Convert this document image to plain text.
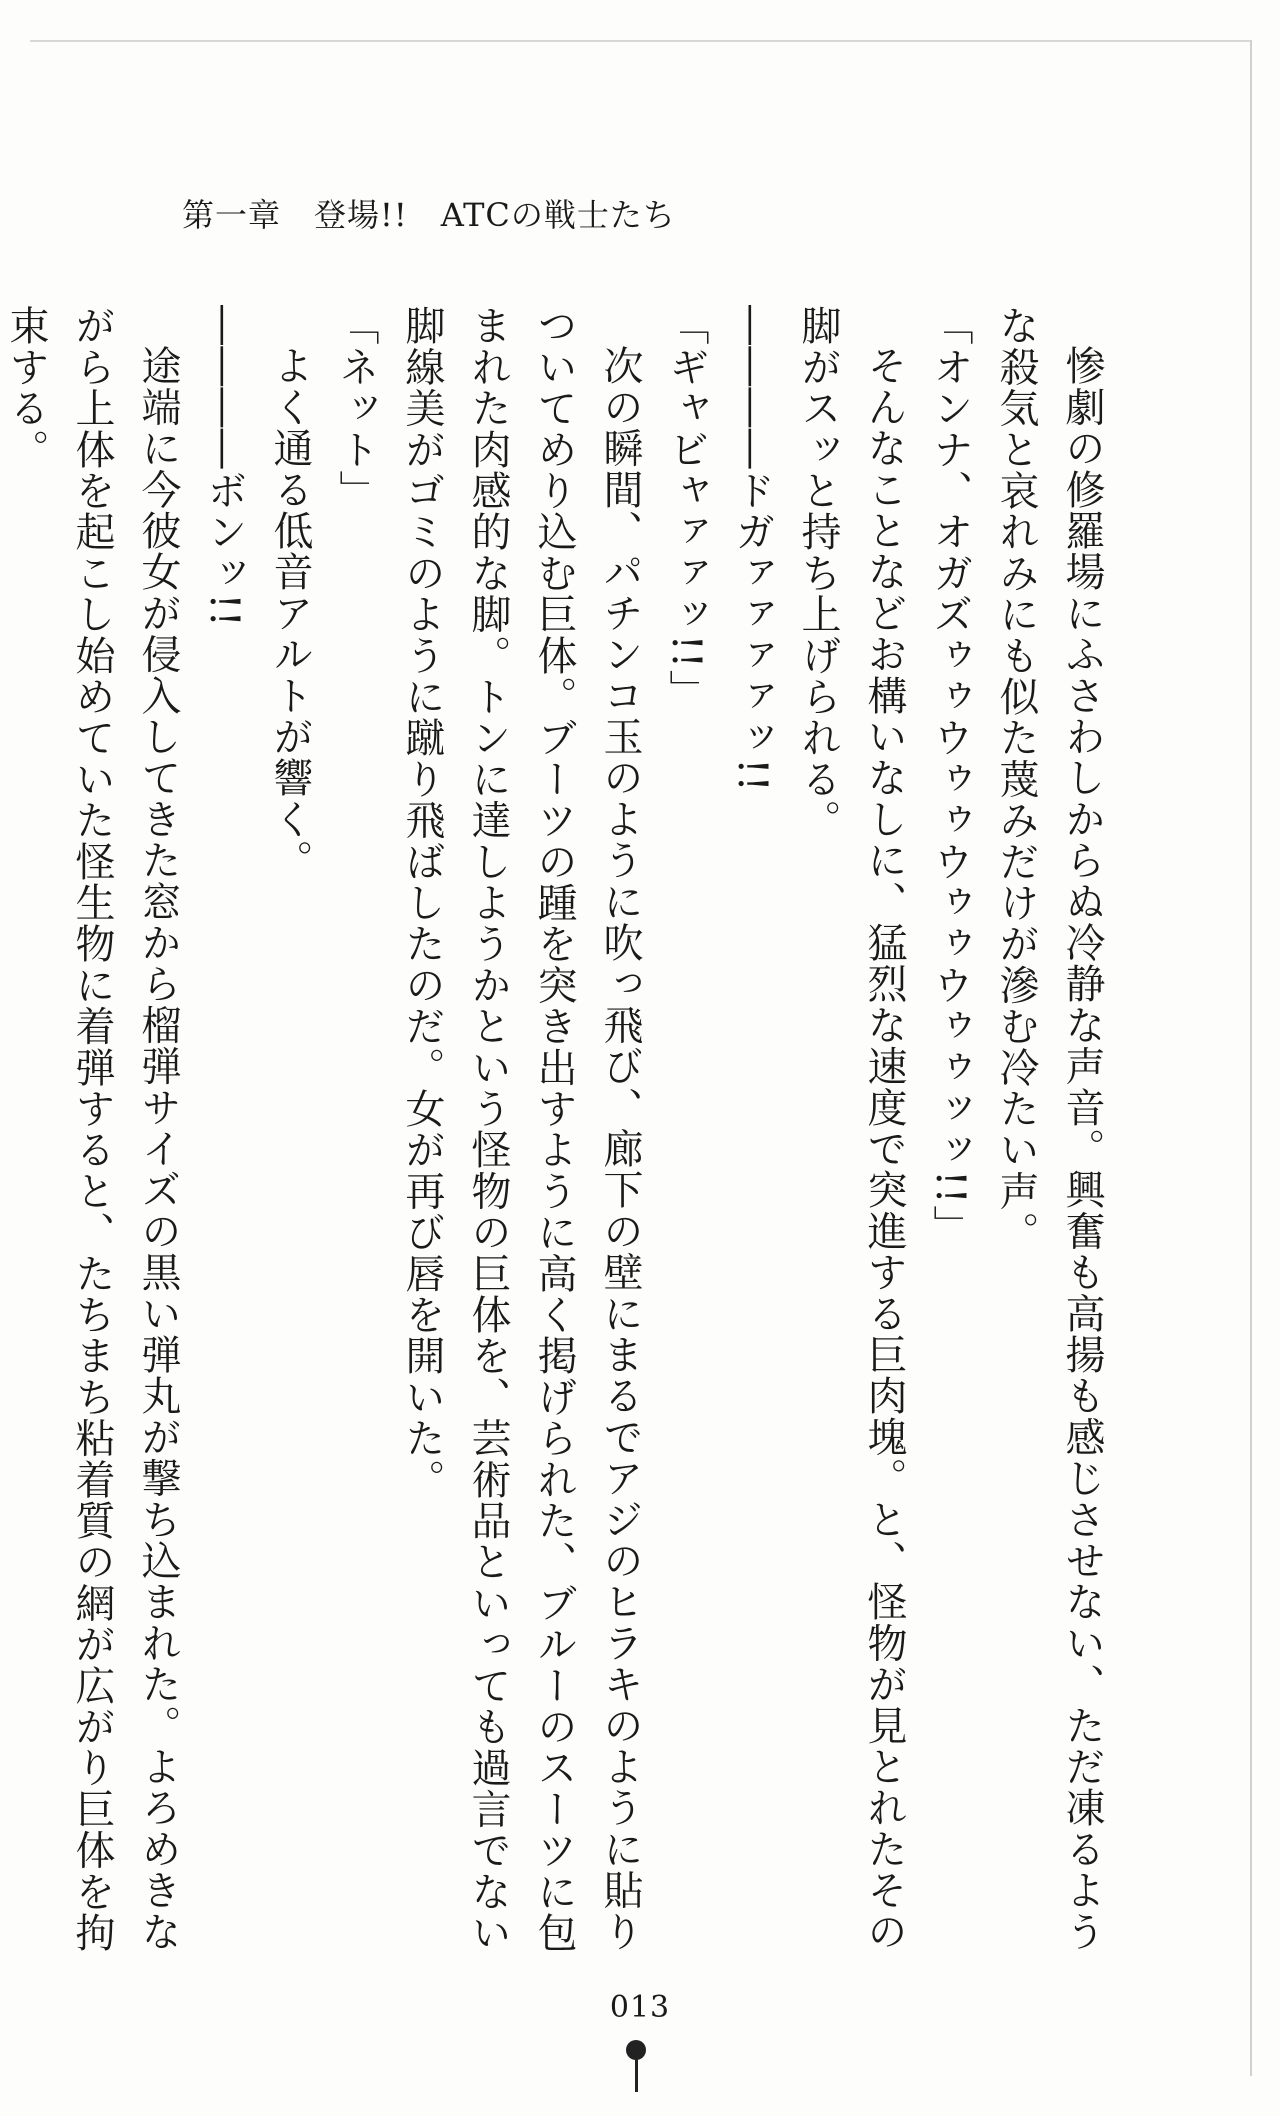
第一章　登場!!　ATCの戦士たち

惨劇の修羅場にふさわしからぬ冷静な声音。興奮も高揚も感じさせない、ただ凍るような殺気と哀れみにも似た蔑みだけが滲む冷たい声。

「オンナ、オガズゥゥウゥゥウゥゥウゥゥッッ!!」

そんなことなどお構いなしに、猛烈な速度で突進する巨肉塊。と、怪物が見とれたその脚がスッと持ち上げられる。

――――ドガァァァァッ!!

「ギャビャァァッ!!」

次の瞬間、パチンコ玉のように吹っ飛び、廊下の壁にまるでアジのヒラキのように貼りついてめり込む巨体。ブーツの踵を突き出すように高く掲げられた、ブルーのスーツに包まれた肉感的な脚。トンに達しようかという怪物の巨体を、芸術品といっても過言でない脚線美がゴミのように蹴り飛ばしたのだ。女が再び唇を開いた。

「ネット」

よく通る低音アルトが響く。

――――ボンッ!!

途端に今彼女が侵入してきた窓から榴弾サイズの黒い弾丸が撃ち込まれた。よろめきながら上体を起こし始めていた怪生物に着弾すると、たちまち粘着質の網が広がり巨体を拘束する。

013
